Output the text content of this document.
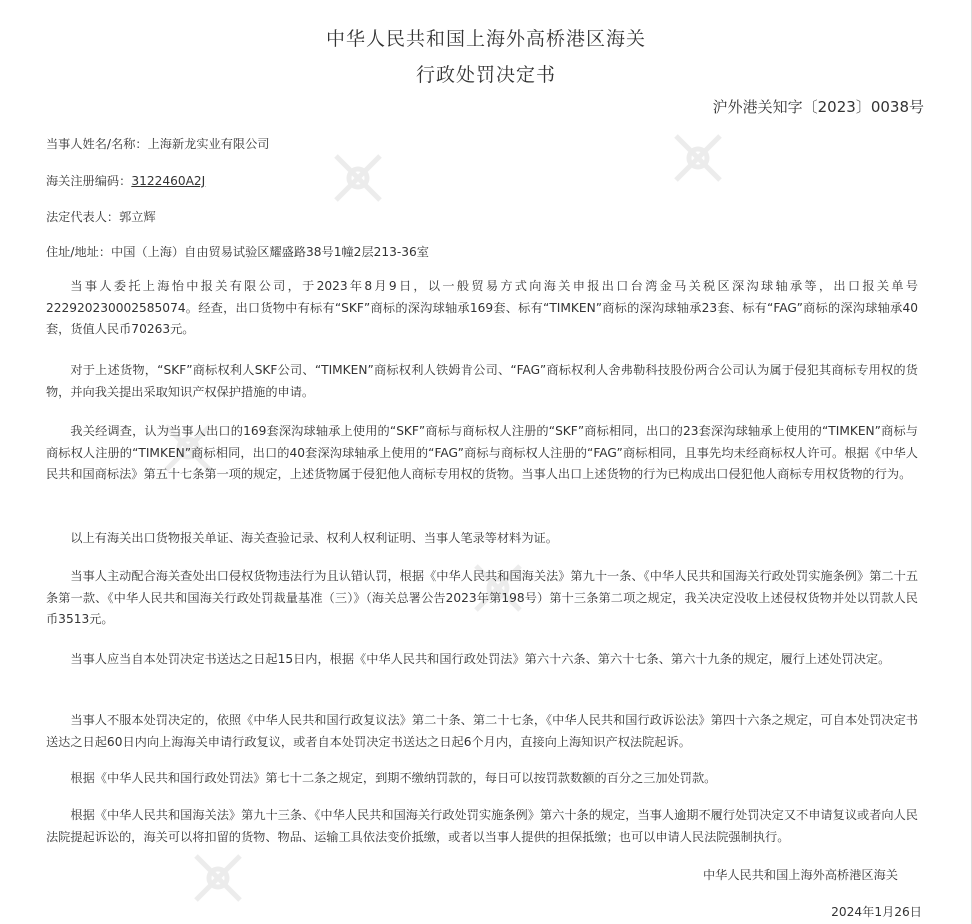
中华人民共和国上海外高桥港区海关
行政处罚决定书
沪外港关知字〔2023〕0038号
当事人姓名/名称：上海新龙实业有限公司
海关注册编码：3122460A2J
法定代表人：郭立辉
住址/地址：中国（上海）自由贸易试验区耀盛路38号1幢2层213-36室

当事人委托上海怡中报关有限公司，于2023年8月9日，以一般贸易方式向海关申报出口台湾金马关税区深沟球轴承等，出口报关单号222920230002585074。经查，出口货物中有标有“SKF”商标的深沟球轴承169套、标有“TIMKEN”商标的深沟球轴承23套、标有“FAG”商标的深沟球轴承40套，货值人民币70263元。

对于上述货物，“SKF”商标权利人SKF公司、“TIMKEN”商标权利人铁姆肯公司、“FAG”商标权利人舍弗勒科技股份两合公司认为属于侵犯其商标专用权的货物，并向我关提出采取知识产权保护措施的申请。

我关经调查，认为当事人出口的169套深沟球轴承上使用的“SKF”商标与商标权人注册的“SKF”商标相同，出口的23套深沟球轴承上使用的“TIMKEN”商标与商标权人注册的“TIMKEN”商标相同，出口的40套深沟球轴承上使用的“FAG”商标与商标权人注册的“FAG”商标相同，且事先均未经商标权人许可。根据《中华人民共和国商标法》第五十七条第一项的规定，上述货物属于侵犯他人商标专用权的货物。当事人出口上述货物的行为已构成出口侵犯他人商标专用权货物的行为。

以上有海关出口货物报关单证、海关查验记录、权利人权利证明、当事人笔录等材料为证。

当事人主动配合海关查处出口侵权货物违法行为且认错认罚，根据《中华人民共和国海关法》第九十一条、《中华人民共和国海关行政处罚实施条例》第二十五条第一款、《中华人民共和国海关行政处罚裁量基准（三）》（海关总署公告2023年第198号）第十三条第二项之规定，我关决定没收上述侵权货物并处以罚款人民币3513元。

当事人应当自本处罚决定书送达之日起15日内，根据《中华人民共和国行政处罚法》第六十六条、第六十七条、第六十九条的规定，履行上述处罚决定。

当事人不服本处罚决定的，依照《中华人民共和国行政复议法》第二十条、第二十七条，《中华人民共和国行政诉讼法》第四十六条之规定，可自本处罚决定书送达之日起60日内向上海海关申请行政复议，或者自本处罚决定书送达之日起6个月内，直接向上海知识产权法院起诉。

根据《中华人民共和国行政处罚法》第七十二条之规定，到期不缴纳罚款的，每日可以按罚款数额的百分之三加处罚款。

根据《中华人民共和国海关法》第九十三条、《中华人民共和国海关行政处罚实施条例》第六十条的规定，当事人逾期不履行处罚决定又不申请复议或者向人民法院提起诉讼的，海关可以将扣留的货物、物品、运输工具依法变价抵缴，或者以当事人提供的担保抵缴；也可以申请人民法院强制执行。

中华人民共和国上海外高桥港区海关
2024年1月26日
